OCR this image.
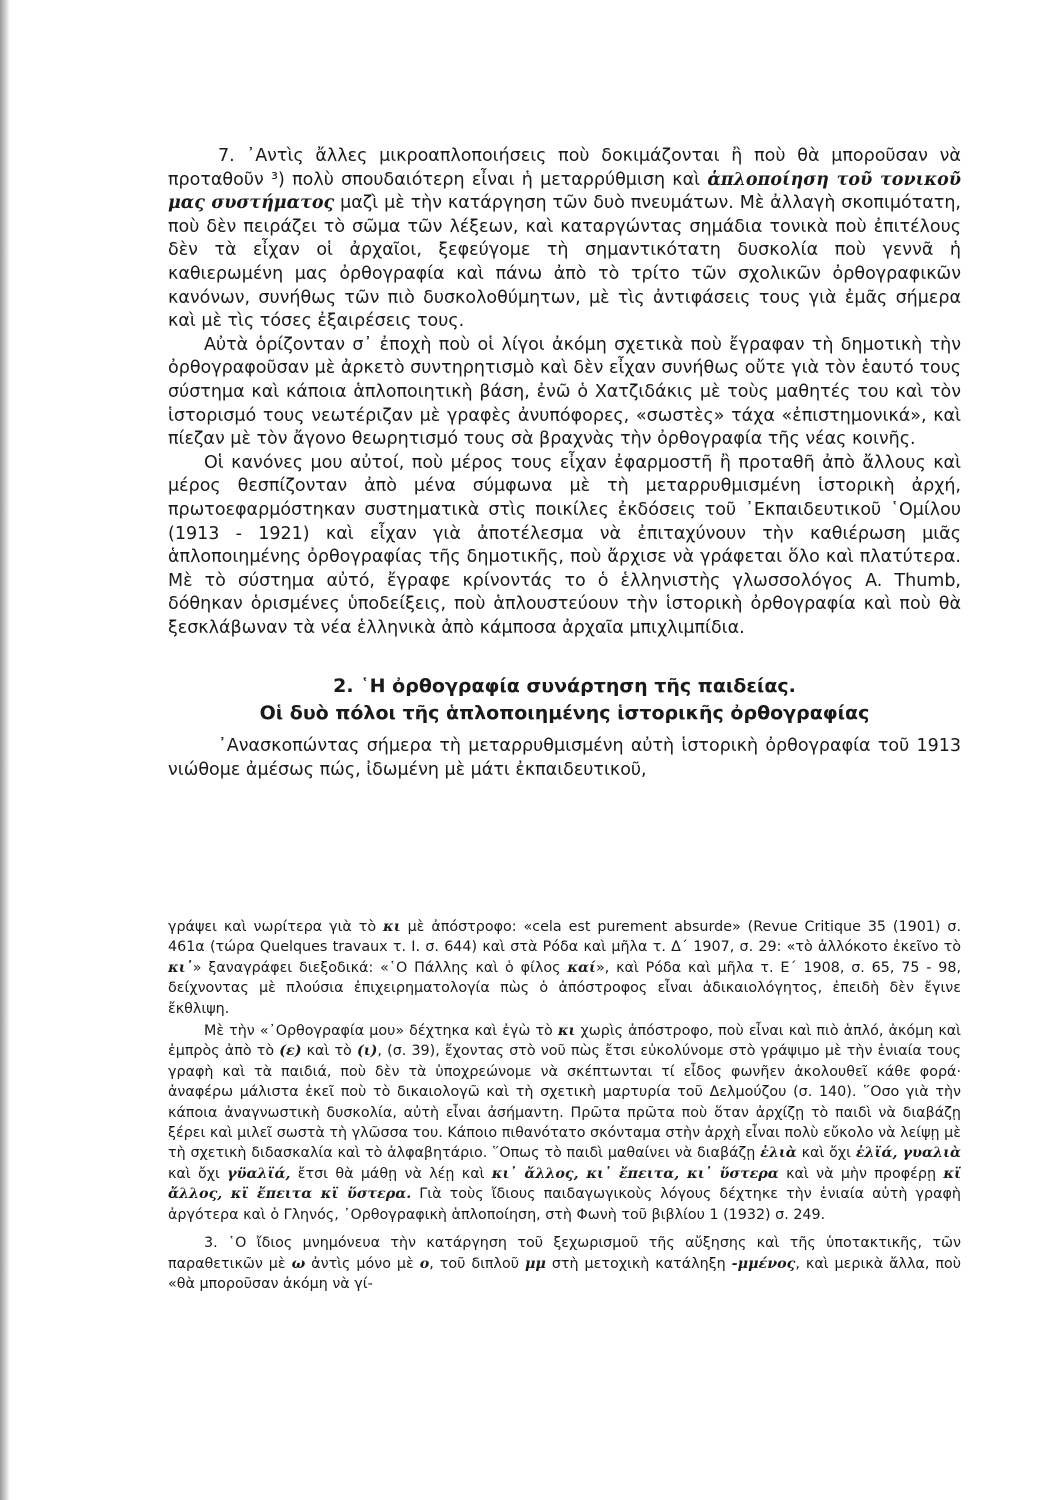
7. ᾿Αντὶς ἄλλες μικροαπλοποιήσεις ποὺ δοκιμάζονται ἢ ποὺ θὰ μποροῦσαν νὰ προταθοῦν ³) πολὺ σπουδαιότερη εἶναι ἡ μεταρρύθμιση καὶ ἁπλοποίηση τοῦ τονικοῦ μας συστήματος μαζὶ μὲ τὴν κατάργηση τῶν δυὸ πνευμάτων. Μὲ ἀλλαγὴ σκοπιμότατη, ποὺ δὲν πειράζει τὸ σῶμα τῶν λέξεων, καὶ καταργώντας σημάδια τονικὰ ποὺ ἐπιτέλους δὲν τὰ εἶχαν οἱ ἀρχαῖοι, ξεφεύγομε τὴ σημαντικότατη δυσκολία ποὺ γεννᾶ ἡ καθιερωμένη μας ὀρθογραφία καὶ πάνω ἀπὸ τὸ τρίτο τῶν σχολικῶν ὀρθογραφικῶν κανόνων, συνήθως τῶν πιὸ δυσκολοθύμητων, μὲ τὶς ἀντιφάσεις τους γιὰ ἐμᾶς σήμερα καὶ μὲ τὶς τόσες ἐξαιρέσεις τους.

Αὐτὰ ὁρίζονταν σ᾿ ἐποχὴ ποὺ οἱ λίγοι ἀκόμη σχετικὰ ποὺ ἔγραφαν τὴ δημοτικὴ τὴν ὀρθογραφοῦσαν μὲ ἀρκετὸ συντηρητισμὸ καὶ δὲν εἶχαν συνήθως οὔτε γιὰ τὸν ἑαυτό τους σύστημα καὶ κάποια ἁπλοποιητικὴ βάση, ἐνῶ ὁ Χατζιδάκις μὲ τοὺς μαθητές του καὶ τὸν ἱστορισμό τους νεωτέριζαν μὲ γραφὲς ἀνυπόφορες, «σωστὲς» τάχα «ἐπιστημονικά», καὶ πίεζαν μὲ τὸν ἄγονο θεωρητισμό τους σὰ βραχνὰς τὴν ὀρθογραφία τῆς νέας κοινῆς.

Οἱ κανόνες μου αὐτοί, ποὺ μέρος τους εἶχαν ἐφαρμοστῆ ἢ προταθῆ ἀπὸ ἄλλους καὶ μέρος θεσπίζονταν ἀπὸ μένα σύμφωνα μὲ τὴ μεταρρυθμισμένη ἱστορικὴ ἀρχή, πρωτοεφαρμόστηκαν συστηματικὰ στὶς ποικίλες ἐκδόσεις τοῦ ᾿Εκπαιδευτικοῦ ῾Ομίλου (1913 - 1921) καὶ εἶχαν γιὰ ἀποτέλεσμα νὰ ἐπιταχύνουν τὴν καθιέρωση μιᾶς ἁπλοποιημένης ὀρθογραφίας τῆς δημοτικῆς, ποὺ ἄρχισε νὰ γράφεται ὅλο καὶ πλατύτερα. Μὲ τὸ σύστημα αὐτό, ἔγραφε κρίνοντάς το ὁ ἑλληνιστὴς γλωσσολόγος A. Thumb, δόθηκαν ὁρισμένες ὑποδείξεις, ποὺ ἁπλουστεύουν τὴν ἱστορικὴ ὀρθογραφία καὶ ποὺ θὰ ξεσκλάβωναν τὰ νέα ἑλληνικὰ ἀπὸ κάμποσα ἀρχαῖα μπιχλιμπίδια.

2. ῾Η ὀρθογραφία συνάρτηση τῆς παιδείας.
Οἱ δυὸ πόλοι τῆς ἁπλοποιημένης ἱστορικῆς ὀρθογραφίας

᾿Ανασκοπώντας σήμερα τὴ μεταρρυθμισμένη αὐτὴ ἱστορικὴ ὀρθογραφία τοῦ 1913 νιώθομε ἀμέσως πώς, ἰδωμένη μὲ μάτι ἐκπαιδευτικοῦ,

γράψει καὶ νωρίτερα γιὰ τὸ κι μὲ ἀπόστροφο: «cela est purement absurde» (Revue Critique 35 (1901) σ. 461α (τώρα Quelques travaux τ. I. σ. 644) καὶ στὰ Ρόδα καὶ μῆλα τ. Δ΄ 1907, σ. 29: «τὸ ἀλλόκοτο ἐκεῖνο τὸ κι᾿» ξαναγράφει διεξοδικά: «῾Ο Πάλλης καὶ ὁ φίλος καί», καὶ Ρόδα καὶ μῆλα τ. Ε΄ 1908, σ. 65, 75 - 98, δείχνοντας μὲ πλούσια ἐπιχειρηματολογία πὼς ὁ ἀπόστροφος εἶναι ἀδικαιολόγητος, ἐπειδὴ δὲν ἔγινε ἔκθλιψη.

Μὲ τὴν «᾿Ορθογραφία μου» δέχτηκα καὶ ἐγὼ τὸ κι χωρὶς ἀπόστροφο, ποὺ εἶναι καὶ πιὸ ἁπλό, ἀκόμη καὶ ἐμπρὸς ἀπὸ τὸ (ε) καὶ τὸ (ι), (σ. 39), ἔχοντας στὸ νοῦ πὼς ἔτσι εὐκολύνομε στὸ γράψιμο μὲ τὴν ἑνιαία τους γραφὴ καὶ τὰ παιδιά, ποὺ δὲν τὰ ὑποχρεώνομε νὰ σκέπτωνται τί εἶδος φωνῆεν ἀκολουθεῖ κάθε φορά· ἀναφέρω μάλιστα ἐκεῖ ποὺ τὸ δικαιολογῶ καὶ τὴ σχετικὴ μαρτυρία τοῦ Δελμούζου (σ. 140). ῞Οσο γιὰ τὴν κάποια ἀναγνωστικὴ δυσκολία, αὐτὴ εἶναι ἀσήμαντη. Πρῶτα πρῶτα ποὺ ὅταν ἀρχίζῃ τὸ παιδὶ νὰ διαβάζῃ ξέρει καὶ μιλεῖ σωστὰ τὴ γλῶσσα του. Κάποιο πιθανότατο σκόνταμα στὴν ἀρχὴ εἶναι πολὺ εὔκολο νὰ λείψῃ μὲ τὴ σχετικὴ διδασκαλία καὶ τὸ ἀλφαβητάριο. ῞Οπως τὸ παιδὶ μαθαίνει νὰ διαβάζῃ ἐλιὰ καὶ ὄχι ἐλϊά, γυαλιὰ καὶ ὄχι γϋαλϊά, ἔτσι θὰ μάθῃ νὰ λέῃ καὶ κι᾿ ἄλλος, κι᾿ ἔπειτα, κι᾿ ὕστερα καὶ νὰ μὴν προφέρῃ κϊ ἄλλος, κϊ ἔπειτα κϊ ὕστερα. Γιὰ τοὺς ἴδιους παιδαγωγικοὺς λόγους δέχτηκε τὴν ἑνιαία αὐτὴ γραφὴ ἀργότερα καὶ ὁ Γληνός, ᾿Ορθογραφικὴ ἁπλοποίηση, στὴ Φωνὴ τοῦ βιβλίου 1 (1932) σ. 249.

3. ῾Ο ἴδιος μνημόνευα τὴν κατάργηση τοῦ ξεχωρισμοῦ τῆς αὔξησης καὶ τῆς ὑποτακτικῆς, τῶν παραθετικῶν μὲ ω ἀντὶς μόνο μὲ ο, τοῦ διπλοῦ μμ στὴ μετοχικὴ κατάληξη -μμένος, καὶ μερικὰ ἄλλα, ποὺ «θὰ μποροῦσαν ἀκόμη νὰ γί-
